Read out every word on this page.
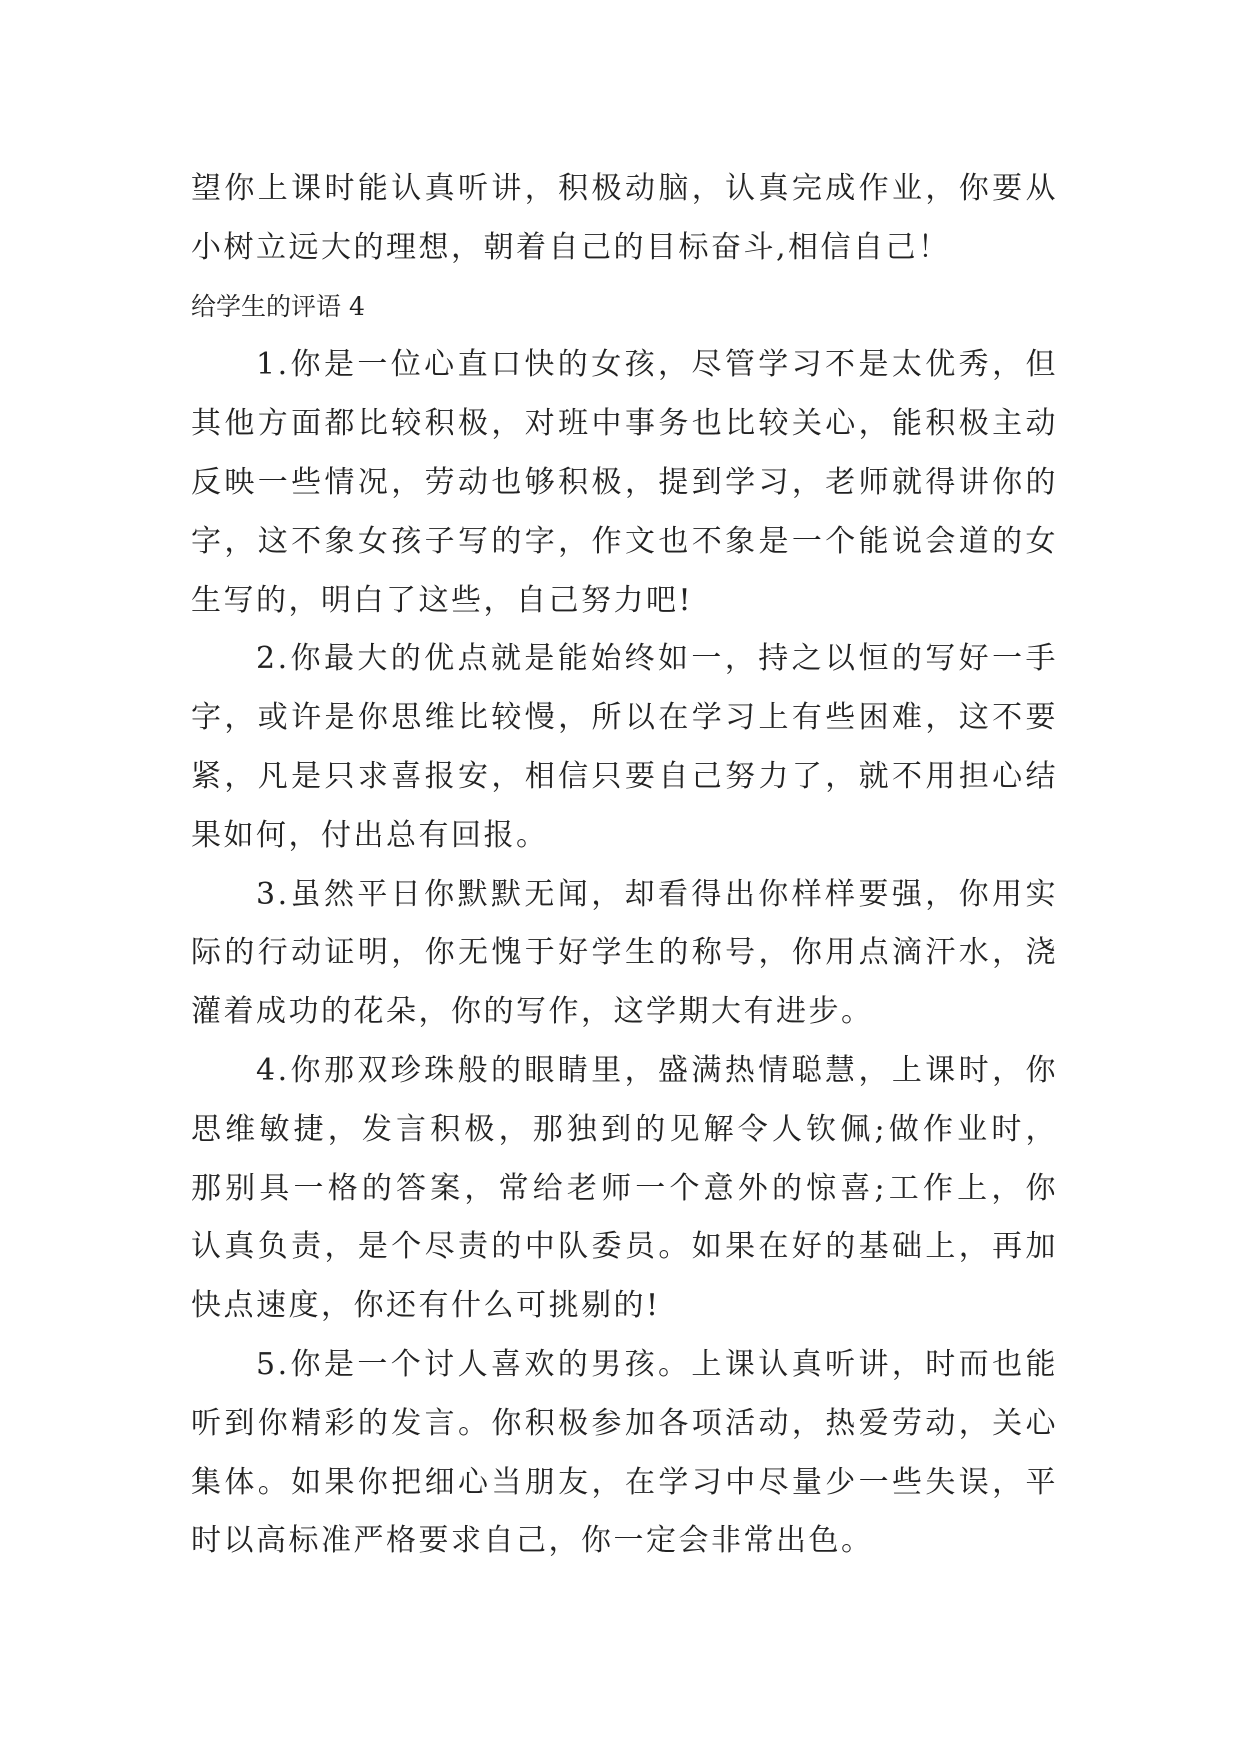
望你上课时能认真听讲，积极动脑，认真完成作业，你要从
小树立远大的理想，朝着自己的目标奋斗,相信自己！
给学生的评语 4
1.你是一位心直口快的女孩，尽管学习不是太优秀，但
其他方面都比较积极，对班中事务也比较关心，能积极主动
反映一些情况，劳动也够积极，提到学习，老师就得讲你的
字，这不象女孩子写的字，作文也不象是一个能说会道的女
生写的，明白了这些，自己努力吧!
2.你最大的优点就是能始终如一，持之以恒的写好一手
字，或许是你思维比较慢，所以在学习上有些困难，这不要
紧，凡是只求喜报安，相信只要自己努力了，就不用担心结
果如何，付出总有回报。
3.虽然平日你默默无闻，却看得出你样样要强，你用实
际的行动证明，你无愧于好学生的称号，你用点滴汗水，浇
灌着成功的花朵，你的写作，这学期大有进步。
4.你那双珍珠般的眼睛里，盛满热情聪慧，上课时，你
思维敏捷，发言积极，那独到的见解令人钦佩;做作业时，
那别具一格的答案，常给老师一个意外的惊喜;工作上，你
认真负责，是个尽责的中队委员。如果在好的基础上，再加
快点速度，你还有什么可挑剔的!
5.你是一个讨人喜欢的男孩。上课认真听讲，时而也能
听到你精彩的发言。你积极参加各项活动，热爱劳动，关心
集体。如果你把细心当朋友，在学习中尽量少一些失误，平
时以高标准严格要求自己，你一定会非常出色。
